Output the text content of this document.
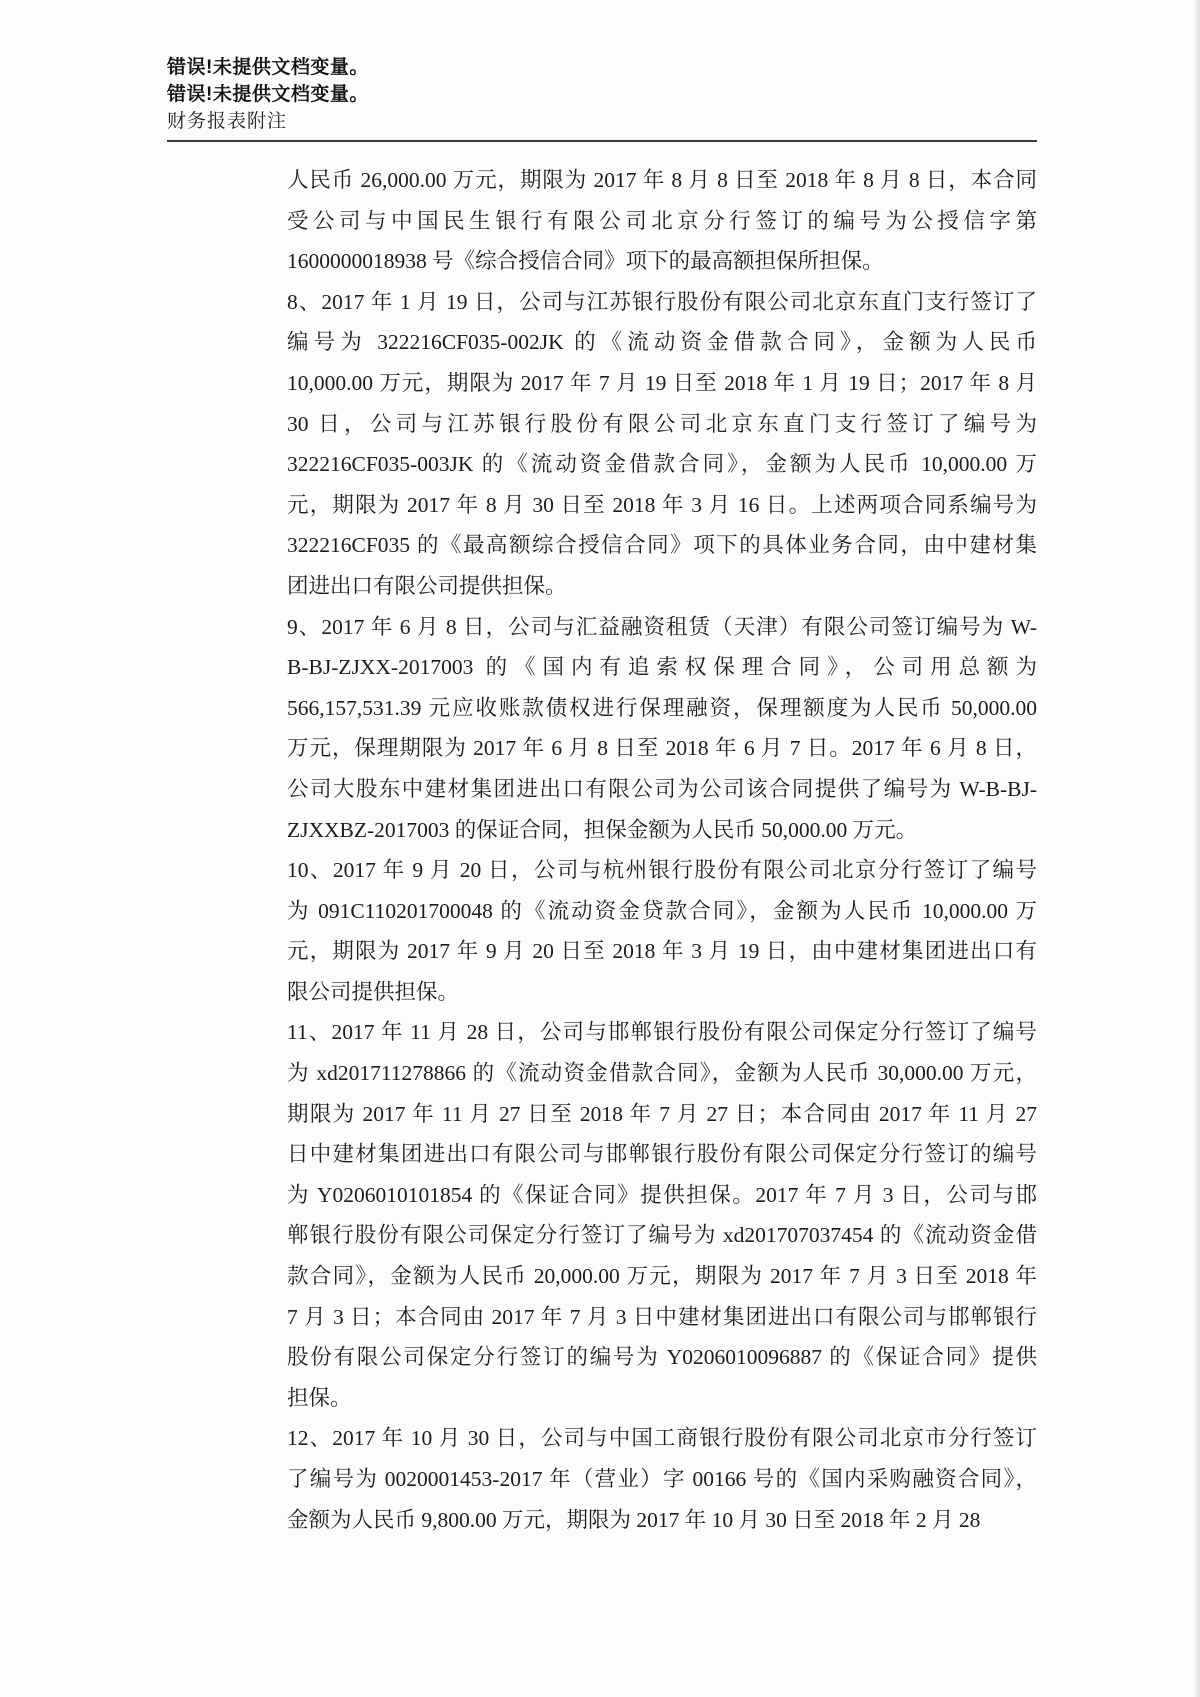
错误!未提供文档变量。
错误!未提供文档变量。
财务报表附注
人民币 26,000.00 万元，期限为 2017 年 8 月 8 日至 2018 年 8 月 8 日，本合同
受公司与中国民生银行有限公司北京分行签订的编号为公授信字第
1600000018938 号《综合授信合同》项下的最高额担保所担保。
8、2017 年 1 月 19 日，公司与江苏银行股份有限公司北京东直门支行签订了
编号为 322216CF035-002JK 的《流动资金借款合同》，金额为人民币
10,000.00 万元，期限为 2017 年 7 月 19 日至 2018 年 1 月 19 日；2017 年 8 月
30 日，公司与江苏银行股份有限公司北京东直门支行签订了编号为
322216CF035-003JK 的《流动资金借款合同》，金额为人民币 10,000.00 万
元，期限为 2017 年 8 月 30 日至 2018 年 3 月 16 日。上述两项合同系编号为
322216CF035 的《最高额综合授信合同》项下的具体业务合同，由中建材集
团进出口有限公司提供担保。
9、2017 年 6 月 8 日，公司与汇益融资租赁（天津）有限公司签订编号为 W-
B-BJ-ZJXX-2017003 的《国内有追索权保理合同》，公司用总额为
566,157,531.39 元应收账款债权进行保理融资，保理额度为人民币 50,000.00
万元，保理期限为 2017 年 6 月 8 日至 2018 年 6 月 7 日。2017 年 6 月 8 日，
公司大股东中建材集团进出口有限公司为公司该合同提供了编号为 W-B-BJ-
ZJXXBZ-2017003 的保证合同，担保金额为人民币 50,000.00 万元。
10、2017 年 9 月 20 日，公司与杭州银行股份有限公司北京分行签订了编号
为 091C110201700048 的《流动资金贷款合同》，金额为人民币 10,000.00 万
元，期限为 2017 年 9 月 20 日至 2018 年 3 月 19 日，由中建材集团进出口有
限公司提供担保。
11、2017 年 11 月 28 日，公司与邯郸银行股份有限公司保定分行签订了编号
为 xd201711278866 的《流动资金借款合同》，金额为人民币 30,000.00 万元，
期限为 2017 年 11 月 27 日至 2018 年 7 月 27 日；本合同由 2017 年 11 月 27
日中建材集团进出口有限公司与邯郸银行股份有限公司保定分行签订的编号
为 Y0206010101854 的《保证合同》提供担保。2017 年 7 月 3 日，公司与邯
郸银行股份有限公司保定分行签订了编号为 xd201707037454 的《流动资金借
款合同》，金额为人民币 20,000.00 万元，期限为 2017 年 7 月 3 日至 2018 年
7 月 3 日；本合同由 2017 年 7 月 3 日中建材集团进出口有限公司与邯郸银行
股份有限公司保定分行签订的编号为 Y0206010096887 的《保证合同》提供
担保。
12、2017 年 10 月 30 日，公司与中国工商银行股份有限公司北京市分行签订
了编号为 0020001453-2017 年（营业）字 00166 号的《国内采购融资合同》，
金额为人民币 9,800.00 万元，期限为 2017 年 10 月 30 日至 2018 年 2 月 28
